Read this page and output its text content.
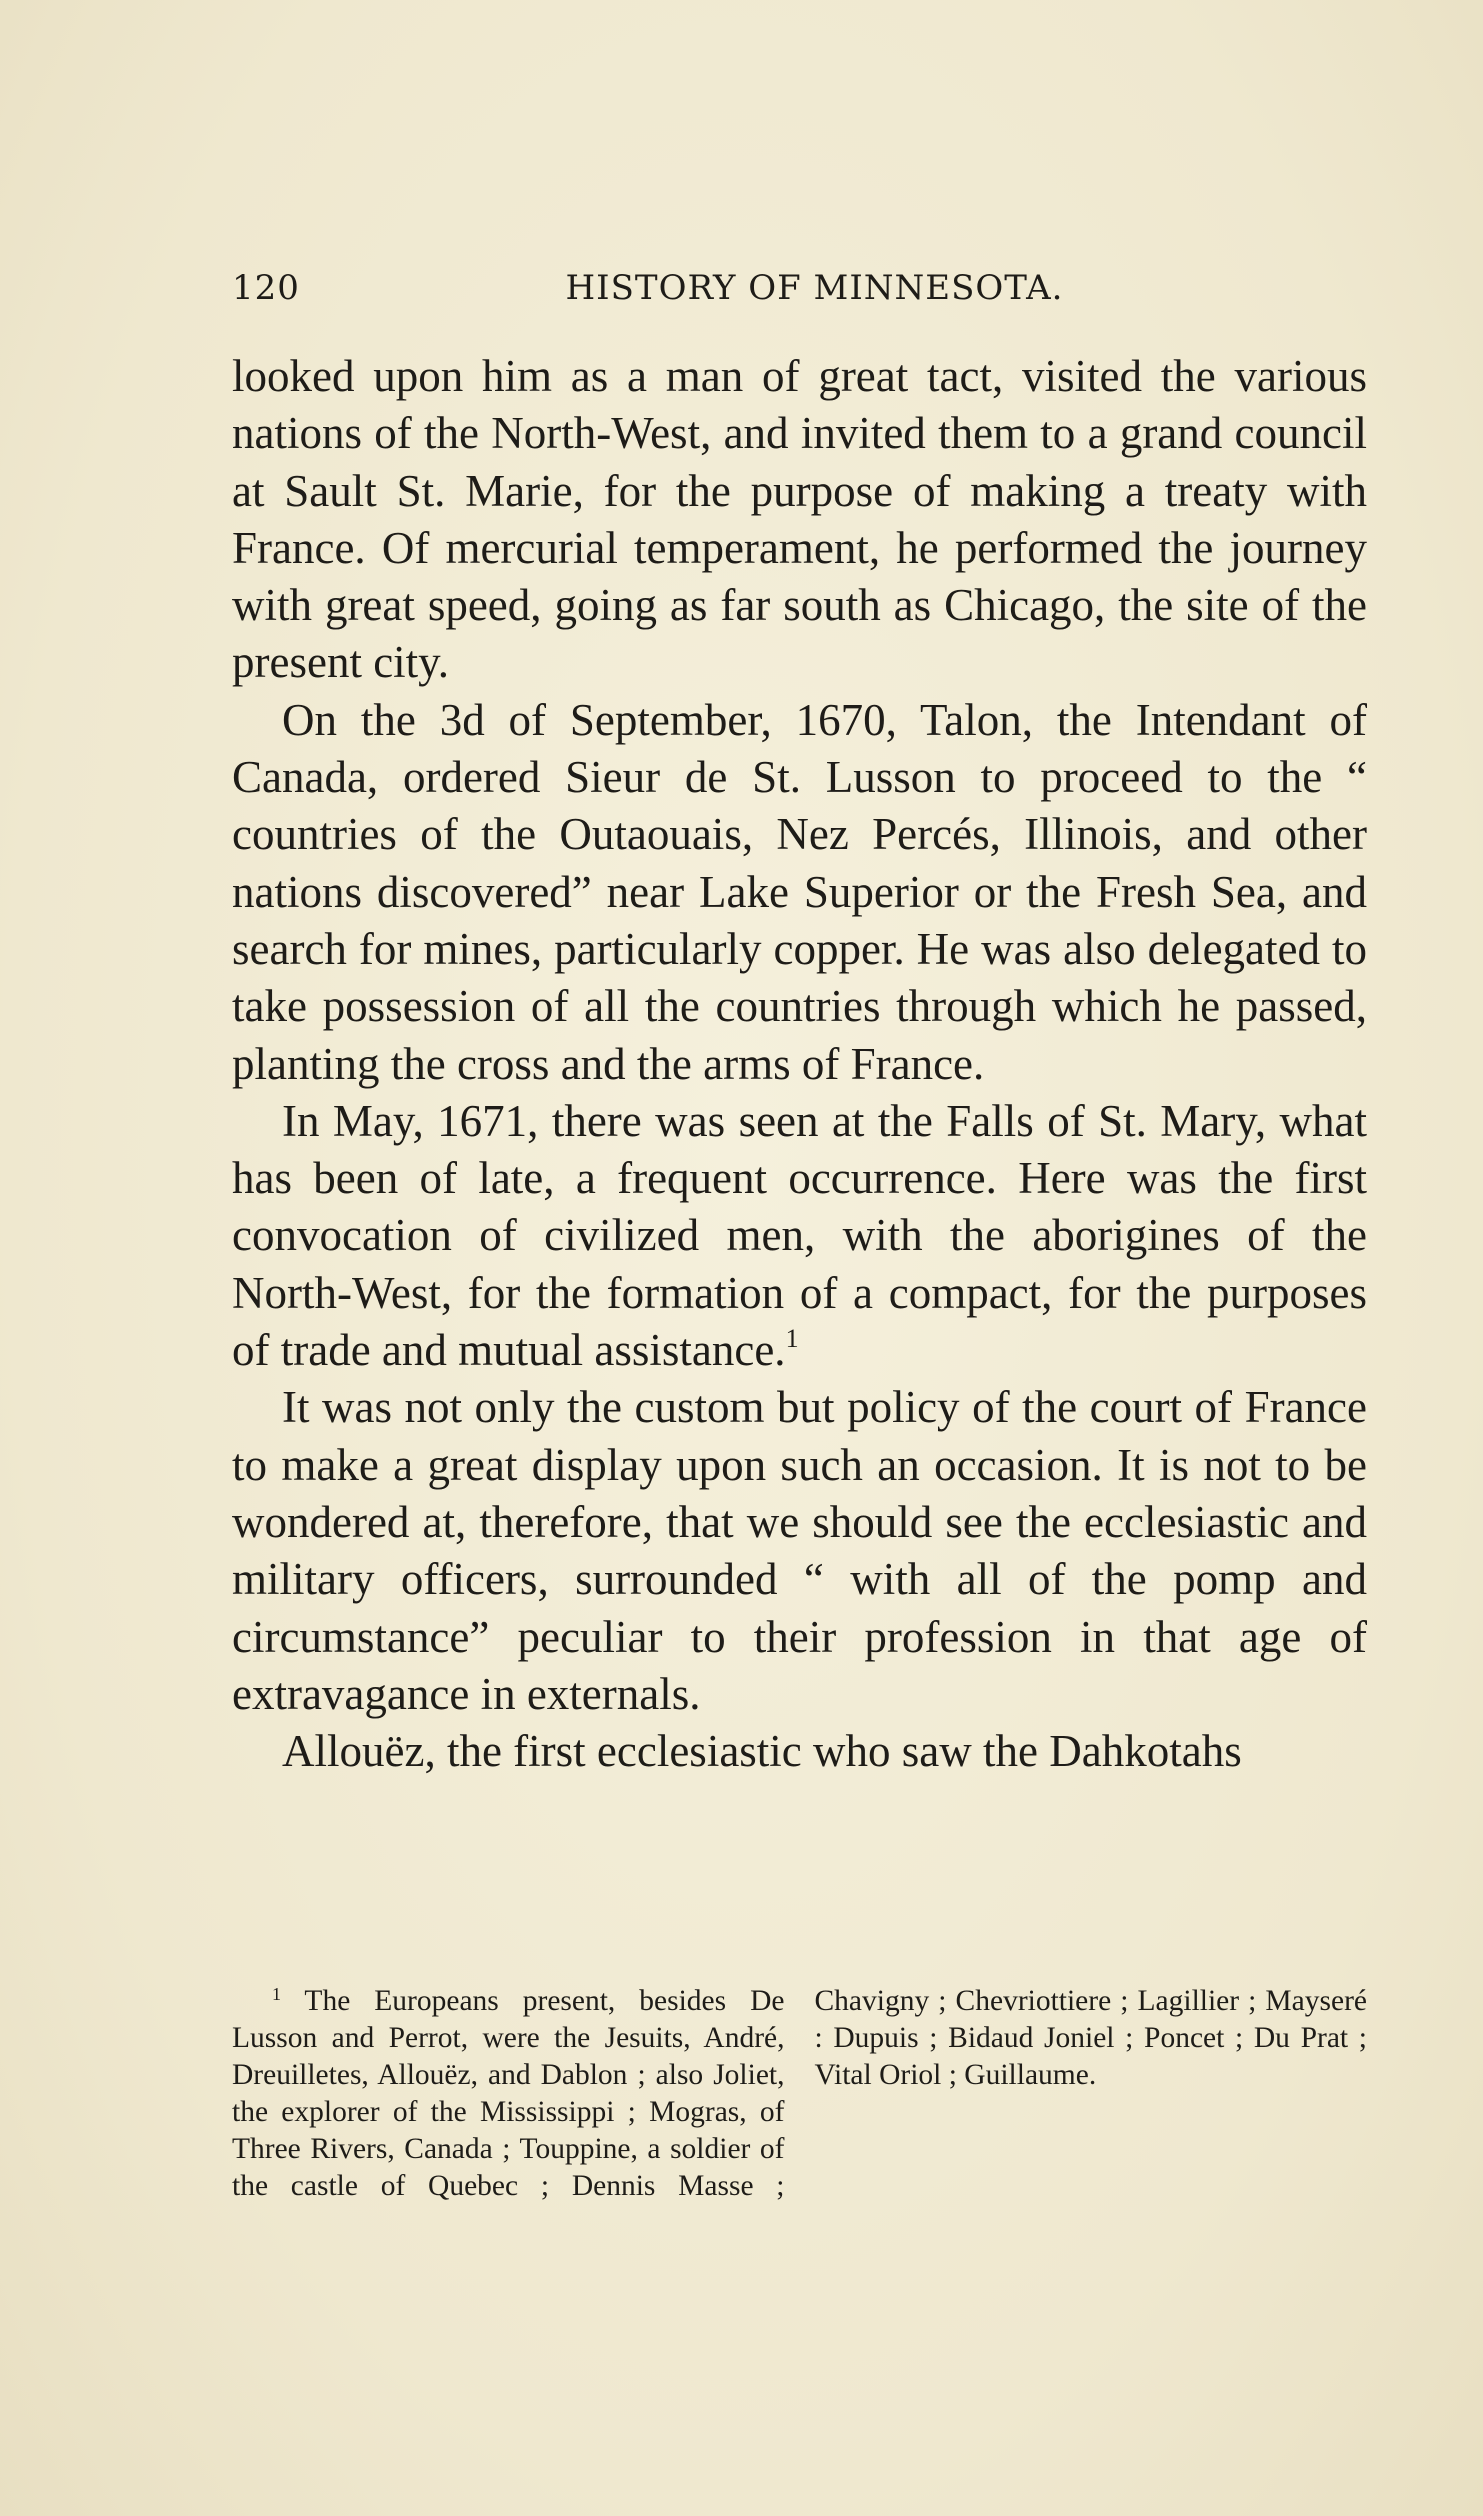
120	HISTORY OF MINNESOTA.

looked upon him as a man of great tact, visited the various nations of the North-West, and invited them to a grand council at Sault St. Marie, for the purpose of making a treaty with France. Of mercurial temperament, he performed the journey with great speed, going as far south as Chicago, the site of the present city.

On the 3d of September, 1670, Talon, the Intendant of Canada, ordered Sieur de St. Lusson to proceed to the “ countries of the Outaouais, Nez Percés, Illinois, and other nations discovered” near Lake Superior or the Fresh Sea, and search for mines, particularly copper. He was also delegated to take possession of all the countries through which he passed, planting the cross and the arms of France.

In May, 1671, there was seen at the Falls of St. Mary, what has been of late, a frequent occurrence. Here was the first convocation of civilized men, with the aborigines of the North-West, for the formation of a compact, for the purposes of trade and mutual assistance.$^1$

It was not only the custom but policy of the court of France to make a great display upon such an occasion. It is not to be wondered at, therefore, that we should see the ecclesiastic and military officers, surrounded “ with all of the pomp and circumstance” peculiar to their profession in that age of extravagance in externals.

Allouëz, the first ecclesiastic who saw the Dahkotahs

$^1$ The Europeans present, besides De Lusson and Perrot, were the Jesuits, André, Dreuilletes, Allouëz, and Dablon ; also Joliet, the explorer of the Mississippi ; Mogras, of Three Rivers, Canada ; Touppine, a soldier of the castle of Quebec ; Dennis Masse ; Chavigny ; Chevriottiere ; Lagillier ; Mayseré : Dupuis ; Bidaud Joniel ; Poncet ; Du Prat ; Vital Oriol ; Guillaume.
